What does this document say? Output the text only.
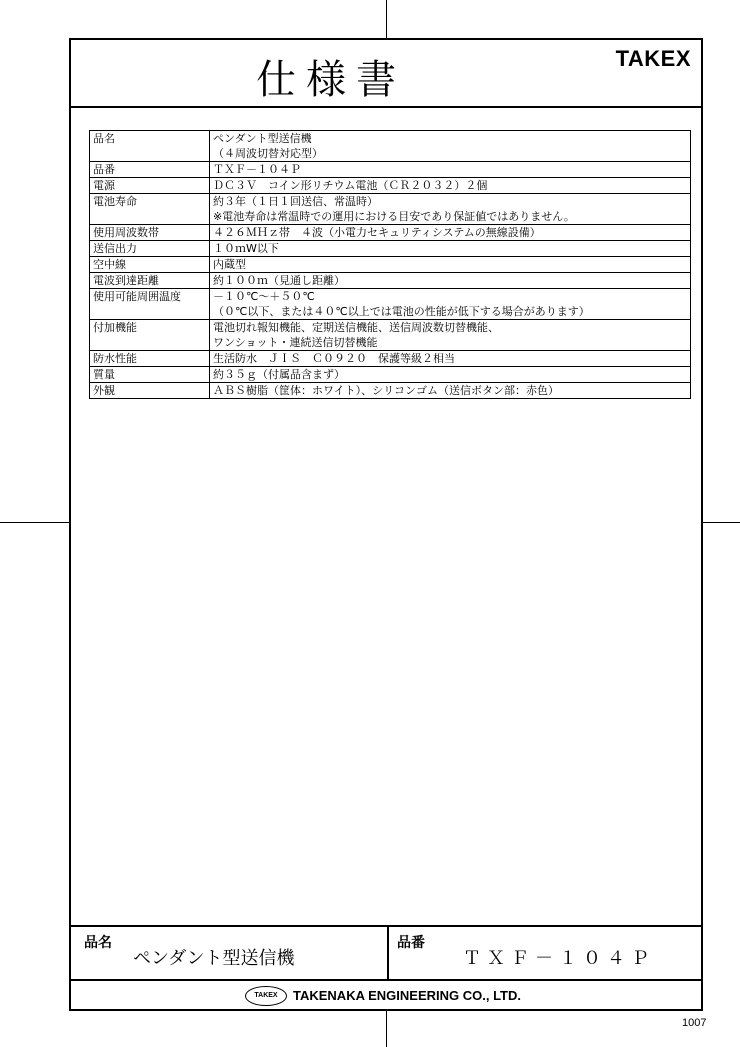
仕様書	TAKEX
品名	ペンダント型送信機
（４周波切替対応型）

品番	ＴＸＦ－１０４Ｐ

電源	ＤＣ３Ｖ　コイン形リチウム電池（ＣＲ２０３２）２個

電池寿命	約３年（１日１回送信、常温時）
※電池寿命は常温時での運用における目安であり保証値ではありません。

使用周波数帯	４２６ＭＨｚ帯　４波（小電力セキュリティシステムの無線設備）

送信出力	１０ｍW以下

空中線	内蔵型

電波到達距離	約１００ｍ（見通し距離）

使用可能周囲温度	－１０℃～＋５０℃
（０℃以下、または４０℃以上では電池の性能が低下する場合があります）

付加機能	電池切れ報知機能、定期送信機能、送信周波数切替機能、
ワンショット・連続送信切替機能

防水性能	生活防水　ＪＩＳ　Ｃ０９２０　保護等級２相当

質量	約３５ｇ（付属品含まず）

外観	ＡＢＳ樹脂（筐体：ホワイト）、シリコンゴム（送信ボタン部：赤色）
品名
ペンダント型送信機
品番
ＴＸＦ－１０４Ｐ
TAKEX	TAKENAKA ENGINEERING CO., LTD.
1007
